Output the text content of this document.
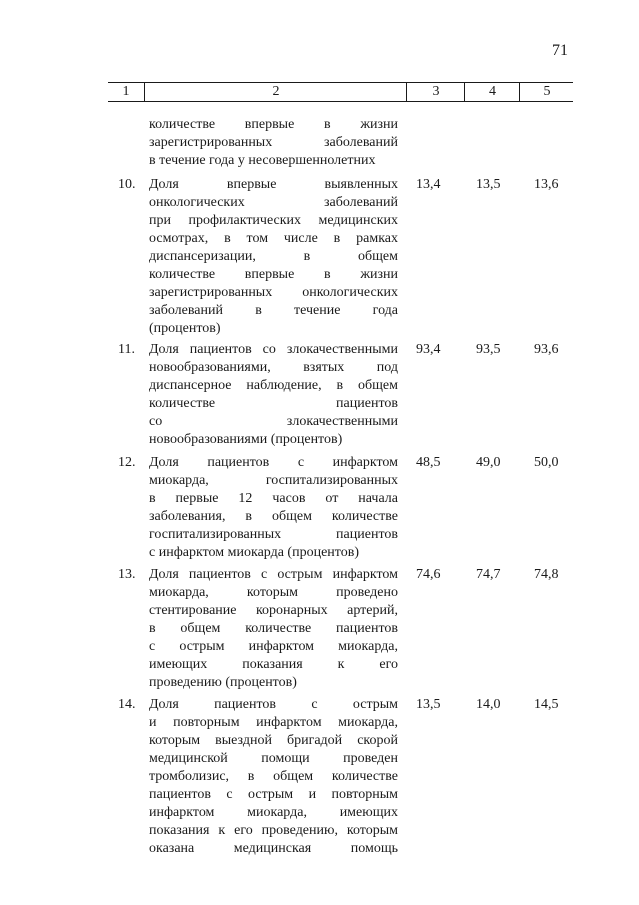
71
1	2	3	4	5
количестве впервые в жизни
зарегистрированных заболеваний
в течение года у несовершеннолетних
10. Доля впервые выявленных
онкологических заболеваний
при профилактических медицинских
осмотрах, в том числе в рамках
диспансеризации, в общем
количестве впервые в жизни
зарегистрированных онкологических
заболеваний в течение года
(процентов)
13,4	13,5 13,6
11. Доля пациентов со злокачественными
новообразованиями, взятых под
диспансерное наблюдение, в общем
количестве пациентов
со злокачественными
новообразованиями (процентов)
93,4	93,5 93,6
12. Доля пациентов с инфарктом
миокарда, госпитализированных
в первые 12 часов от начала
заболевания, в общем количестве
госпитализированных пациентов
с инфарктом миокарда (процентов)
48,5	49,0 50,0
13. Доля пациентов с острым инфарктом
миокарда, которым проведено
стентирование коронарных артерий,
в общем количестве пациентов
с острым инфарктом миокарда,
имеющих показания к его
проведению (процентов)
74,6	74,7 74,8
14. Доля пациентов с острым
и повторным инфарктом миокарда,
которым выездной бригадой скорой
медицинской помощи проведен
тромболизис, в общем количестве
пациентов с острым и повторным
инфарктом миокарда, имеющих
показания к его проведению, которым
оказана медицинская помощь
13,5	14,0 14,5
